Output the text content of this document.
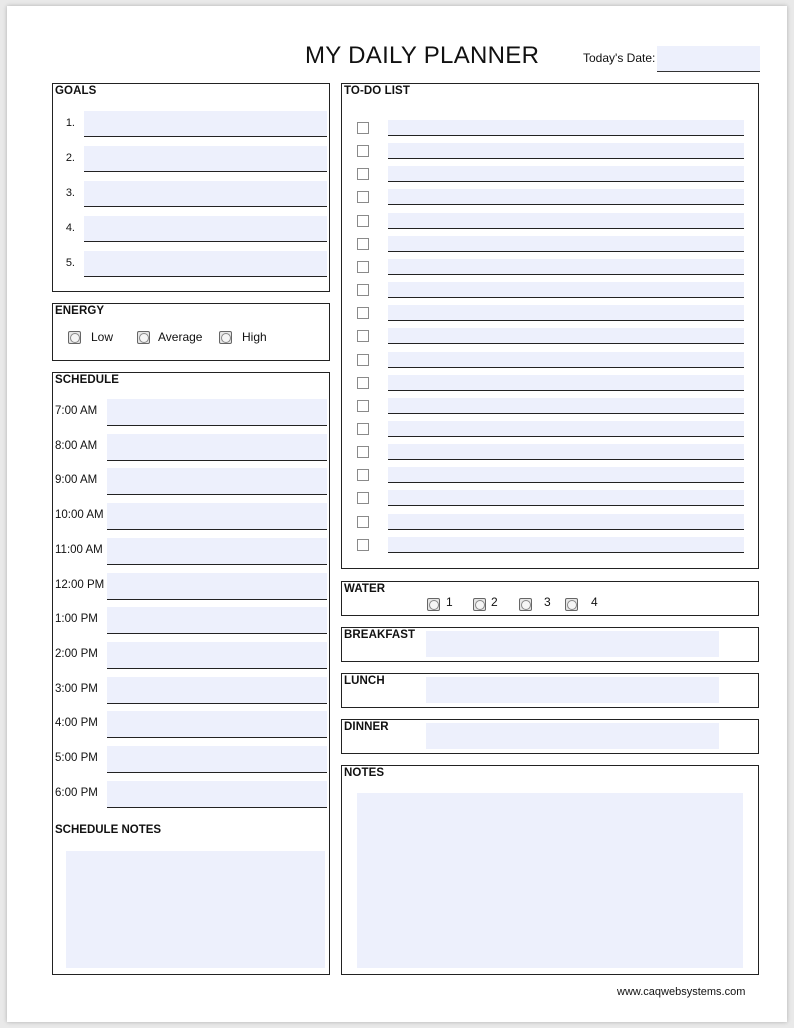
MY DAILY PLANNER	Today's Date:
GOALS
1.
2.
3.
4.
5.
ENERGY
Low	Average	High
SCHEDULE
7:00 AM
8:00 AM
9:00 AM
10:00 AM
11:00 AM
12:00 PM
1:00 PM
2:00 PM
3:00 PM
4:00 PM
5:00 PM
6:00 PM
SCHEDULE NOTES
TO-DO LIST
WATER
1	2	3	4
BREAKFAST
LUNCH
DINNER
NOTES
www.caqwebsystems.com
